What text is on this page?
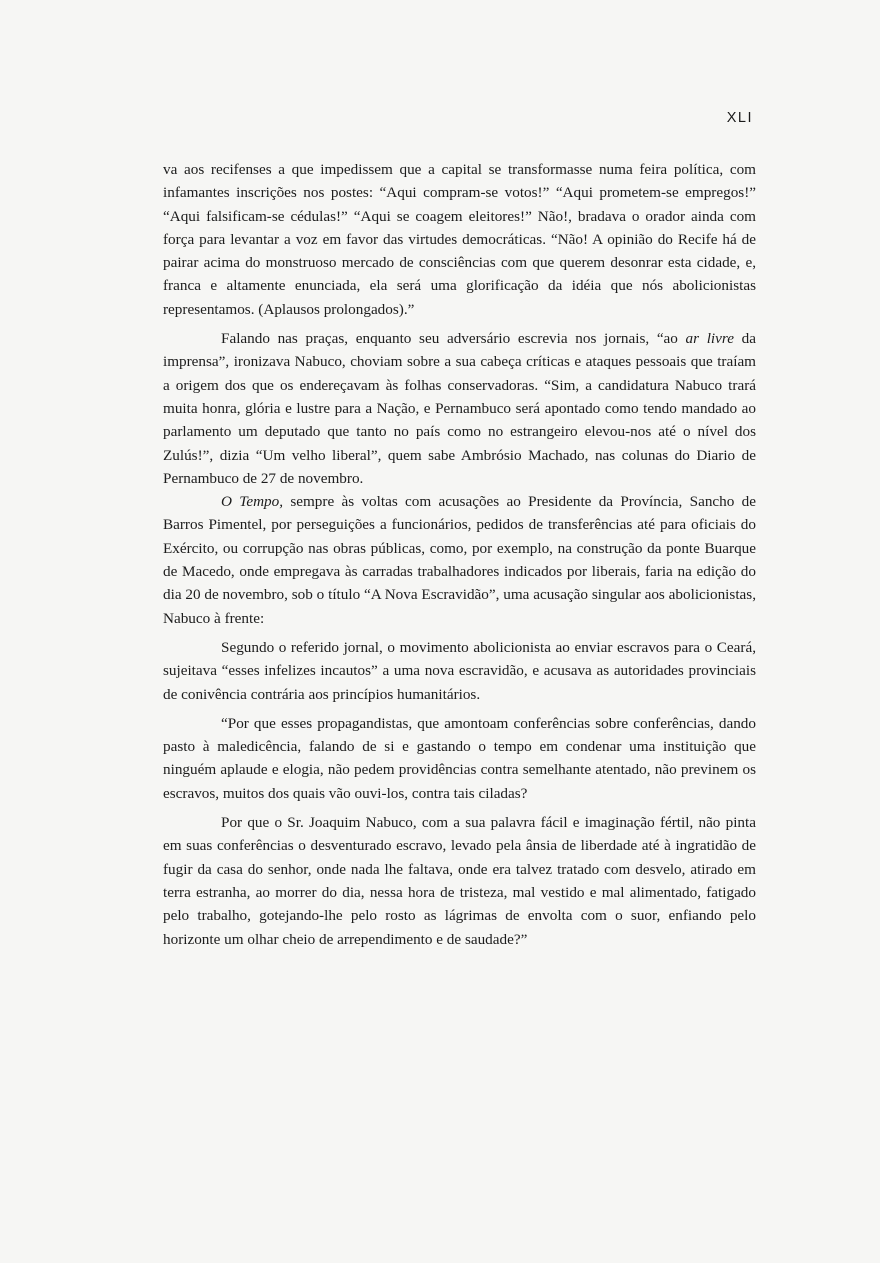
XLI

va aos recifenses a que impedissem que a capital se transformasse numa feira política, com infamantes inscrições nos postes: “Aqui compram-se votos!” “Aqui prometem-se empregos!” “Aqui falsificam-se cédulas!” “Aqui se coagem eleitores!” Não!, bradava o orador ainda com força para levantar a voz em favor das virtudes democráticas. “Não! A opinião do Recife há de pairar acima do monstruoso mercado de consciências com que querem desonrar esta cidade, e, franca e altamente enunciada, ela será uma glorificação da idéia que nós abolicionistas representamos. (Aplausos prolongados).”

Falando nas praças, enquanto seu adversário escrevia nos jornais, “ao ar livre da imprensa”, ironizava Nabuco, choviam sobre a sua cabeça críticas e ataques pessoais que traíam a origem dos que os endereçavam às folhas conservadoras. “Sim, a candidatura Nabuco trará muita honra, glória e lustre para a Nação, e Pernambuco será apontado como tendo mandado ao parlamento um deputado que tanto no país como no estrangeiro elevou-nos até o nível dos Zulús!”, dizia “Um velho liberal”, quem sabe Ambrósio Machado, nas colunas do Diario de Pernambuco de 27 de novembro.

O Tempo, sempre às voltas com acusações ao Presidente da Província, Sancho de Barros Pimentel, por perseguições a funcionários, pedidos de transferências até para oficiais do Exército, ou corrupção nas obras públicas, como, por exemplo, na construção da ponte Buarque de Macedo, onde empregava às carradas trabalhadores indicados por liberais, faria na edição do dia 20 de novembro, sob o título “A Nova Escravidão”, uma acusação singular aos abolicionistas, Nabuco à frente:

Segundo o referido jornal, o movimento abolicionista ao enviar escravos para o Ceará, sujeitava “esses infelizes incautos” a uma nova escravidão, e acusava as autoridades provinciais de conivência contrária aos princípios humanitários.

“Por que esses propagandistas, que amontoam conferências sobre conferências, dando pasto à maledicência, falando de si e gastando o tempo em condenar uma instituição que ninguém aplaude e elogia, não pedem providências contra semelhante atentado, não previnem os escravos, muitos dos quais vão ouvi-los, contra tais ciladas?

Por que o Sr. Joaquim Nabuco, com a sua palavra fácil e imaginação fértil, não pinta em suas conferências o desventurado escravo, levado pela ânsia de liberdade até à ingratidão de fugir da casa do senhor, onde nada lhe faltava, onde era talvez tratado com desvelo, atirado em terra estranha, ao morrer do dia, nessa hora de tristeza, mal vestido e mal alimentado, fatigado pelo trabalho, gotejando-lhe pelo rosto as lágrimas de envolta com o suor, enfiando pelo horizonte um olhar cheio de arrependimento e de saudade?”
